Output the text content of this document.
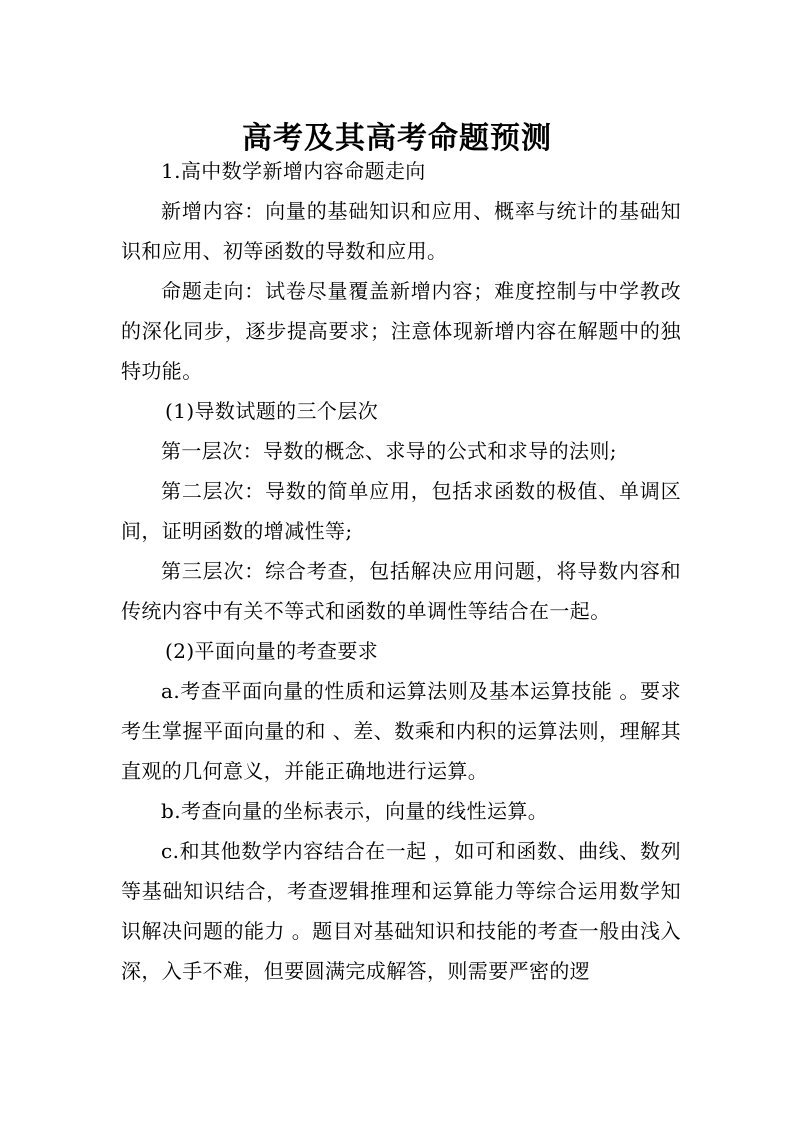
高考及其高考命题预测

1.高中数学新增内容命题走向

新增内容：向量的基础知识和应用、概率与统计的基础知识和应用、初等函数的导数和应用。

命题走向：试卷尽量覆盖新增内容；难度控制与中学教改的深化同步，逐步提高要求；注意体现新增内容在解题中的独特功能。

(1)导数试题的三个层次

第一层次：导数的概念、求导的公式和求导的法则;

第二层次：导数的简单应用，包括求函数的极值、单调区间，证明函数的增减性等;

第三层次：综合考查，包括解决应用问题，将导数内容和传统内容中有关不等式和函数的单调性等结合在一起。

(2)平面向量的考查要求

a.考查平面向量的性质和运算法则及基本运算技能 。要求考生掌握平面向量的和 、差、数乘和内积的运算法则，理解其直观的几何意义，并能正确地进行运算。

b.考查向量的坐标表示，向量的线性运算。

c.和其他数学内容结合在一起 ，如可和函数、曲线、数列等基础知识结合，考查逻辑推理和运算能力等综合运用数学知识解决问题的能力 。题目对基础知识和技能的考查一般由浅入深，入手不难，但要圆满完成解答，则需要严密的逻
